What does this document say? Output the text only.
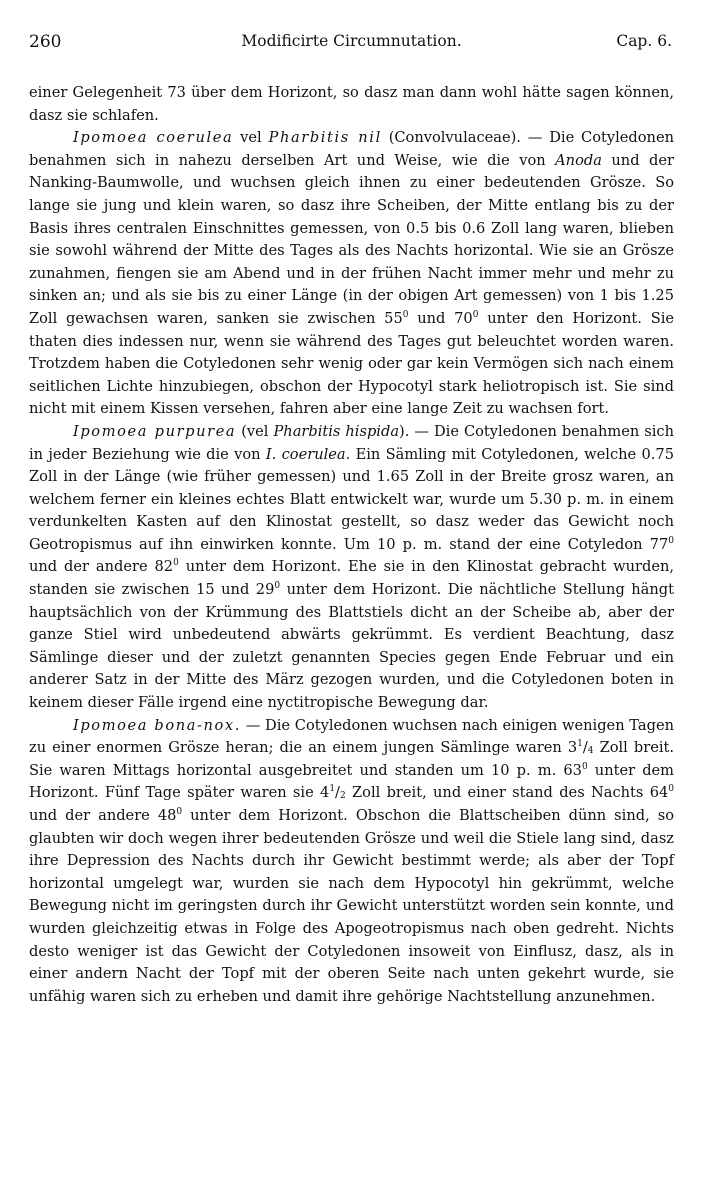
260	Modificirte Circumnutation.	Cap. 6.

einer Gelegenheit 73 über dem Horizont, so dasz man dann wohl hätte sagen können, dasz sie schlafen.

Ipomoea coerulea vel Pharbitis nil (Convolvulaceae). — Die Cotyledonen benahmen sich in nahezu derselben Art und Weise, wie die von Anoda und der Nanking-Baumwolle, und wuchsen gleich ihnen zu einer bedeutenden Grösze. So lange sie jung und klein waren, so dasz ihre Scheiben, der Mitte entlang bis zu der Basis ihres centralen Einschnittes gemessen, von 0.5 bis 0.6 Zoll lang waren, blieben sie sowohl während der Mitte des Tages als des Nachts horizontal. Wie sie an Grösze zunahmen, fiengen sie am Abend und in der frühen Nacht immer mehr und mehr zu sinken an; und als sie bis zu einer Länge (in der obigen Art gemessen) von 1 bis 1.25 Zoll gewachsen waren, sanken sie zwischen $55^0$ und $70^0$ unter den Horizont. Sie thaten dies indessen nur, wenn sie während des Tages gut beleuchtet worden waren. Trotzdem haben die Cotyledonen sehr wenig oder gar kein Vermögen sich nach einem seitlichen Lichte hinzubiegen, obschon der Hypocotyl stark heliotropisch ist. Sie sind nicht mit einem Kissen versehen, fahren aber eine lange Zeit zu wachsen fort.

Ipomoea purpurea (vel Pharbitis hispida). — Die Cotyledonen benahmen sich in jeder Beziehung wie die von I. coerulea. Ein Sämling mit Cotyledonen, welche 0.75 Zoll in der Länge (wie früher gemessen) und 1.65 Zoll in der Breite grosz waren, an welchem ferner ein kleines echtes Blatt entwickelt war, wurde um 5.30 p. m. in einem verdunkelten Kasten auf den Klinostat gestellt, so dasz weder das Gewicht noch Geotropismus auf ihn einwirken konnte. Um 10 p. m. stand der eine Cotyledon $77^0$ und der andere $82^0$ unter dem Horizont. Ehe sie in den Klinostat gebracht wurden, standen sie zwischen 15 und $29^0$ unter dem Horizont. Die nächtliche Stellung hängt hauptsächlich von der Krümmung des Blattstiels dicht an der Scheibe ab, aber der ganze Stiel wird unbedeutend abwärts gekrümmt. Es verdient Beachtung, dasz Sämlinge dieser und der zuletzt genannten Species gegen Ende Februar und ein anderer Satz in der Mitte des März gezogen wurden, und die Cotyledonen boten in keinem dieser Fälle irgend eine nyctitropische Bewegung dar.

Ipomoea bona-nox. — Die Cotyledonen wuchsen nach einigen wenigen Tagen zu einer enormen Grösze heran; die an einem jungen Sämlinge waren $3^1/_4$ Zoll breit. Sie waren Mittags horizontal ausgebreitet und standen um 10 p. m. $63^0$ unter dem Horizont. Fünf Tage später waren sie $4^1/_2$ Zoll breit, und einer stand des Nachts $64^0$ und der andere $48^0$ unter dem Horizont. Obschon die Blattscheiben dünn sind, so glaubten wir doch wegen ihrer bedeutenden Grösze und weil die Stiele lang sind, dasz ihre Depression des Nachts durch ihr Gewicht bestimmt werde; als aber der Topf horizontal umgelegt war, wurden sie nach dem Hypocotyl hin gekrümmt, welche Bewegung nicht im geringsten durch ihr Gewicht unterstützt worden sein konnte, und wurden gleichzeitig etwas in Folge des Apogeotropismus nach oben gedreht. Nichts desto weniger ist das Gewicht der Cotyledonen insoweit von Einflusz, dasz, als in einer andern Nacht der Topf mit der oberen Seite nach unten gekehrt wurde, sie unfähig waren sich zu erheben und damit ihre gehörige Nachtstellung anzunehmen.
